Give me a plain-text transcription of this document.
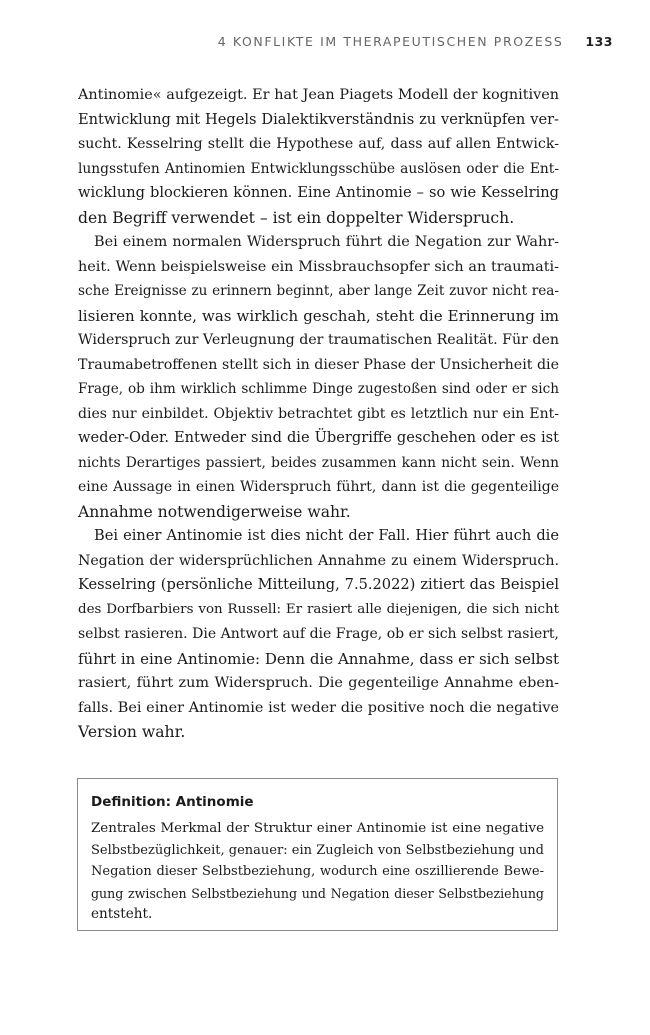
4 KONFLIKTE IM THERAPEUTISCHEN PROZESS 133
Antinomie« aufgezeigt. Er hat Jean Piagets Modell der kognitiven
Entwicklung mit Hegels Dialektikverständnis zu verknüpfen ver-
sucht. Kesselring stellt die Hypothese auf, dass auf allen Entwick-
lungsstufen Antinomien Entwicklungsschübe auslösen oder die Ent-
wicklung blockieren können. Eine Antinomie – so wie Kesselring
den Begriff verwendet – ist ein doppelter Widerspruch.
Bei einem normalen Widerspruch führt die Negation zur Wahr-
heit. Wenn beispielsweise ein Missbrauchsopfer sich an traumati-
sche Ereignisse zu erinnern beginnt, aber lange Zeit zuvor nicht rea-
lisieren konnte, was wirklich geschah, steht die Erinnerung im
Widerspruch zur Verleugnung der traumatischen Realität. Für den
Traumabetroffenen stellt sich in dieser Phase der Unsicherheit die
Frage, ob ihm wirklich schlimme Dinge zugestoßen sind oder er sich
dies nur einbildet. Objektiv betrachtet gibt es letztlich nur ein Ent-
weder-Oder. Entweder sind die Übergriffe geschehen oder es ist
nichts Derartiges passiert, beides zusammen kann nicht sein. Wenn
eine Aussage in einen Widerspruch führt, dann ist die gegenteilige
Annahme notwendigerweise wahr.
Bei einer Antinomie ist dies nicht der Fall. Hier führt auch die
Negation der widersprüchlichen Annahme zu einem Widerspruch.
Kesselring (persönliche Mitteilung, 7.5.2022) zitiert das Beispiel
des Dorfbarbiers von Russell: Er rasiert alle diejenigen, die sich nicht
selbst rasieren. Die Antwort auf die Frage, ob er sich selbst rasiert,
führt in eine Antinomie: Denn die Annahme, dass er sich selbst
rasiert, führt zum Widerspruch. Die gegenteilige Annahme eben-
falls. Bei einer Antinomie ist weder die positive noch die negative
Version wahr.
Definition: Antinomie
Zentrales Merkmal der Struktur einer Antinomie ist eine negative
Selbstbezüglichkeit, genauer: ein Zugleich von Selbstbeziehung und
Negation dieser Selbstbeziehung, wodurch eine oszillierende Bewe-
gung zwischen Selbstbeziehung und Negation dieser Selbstbeziehung
entsteht.
